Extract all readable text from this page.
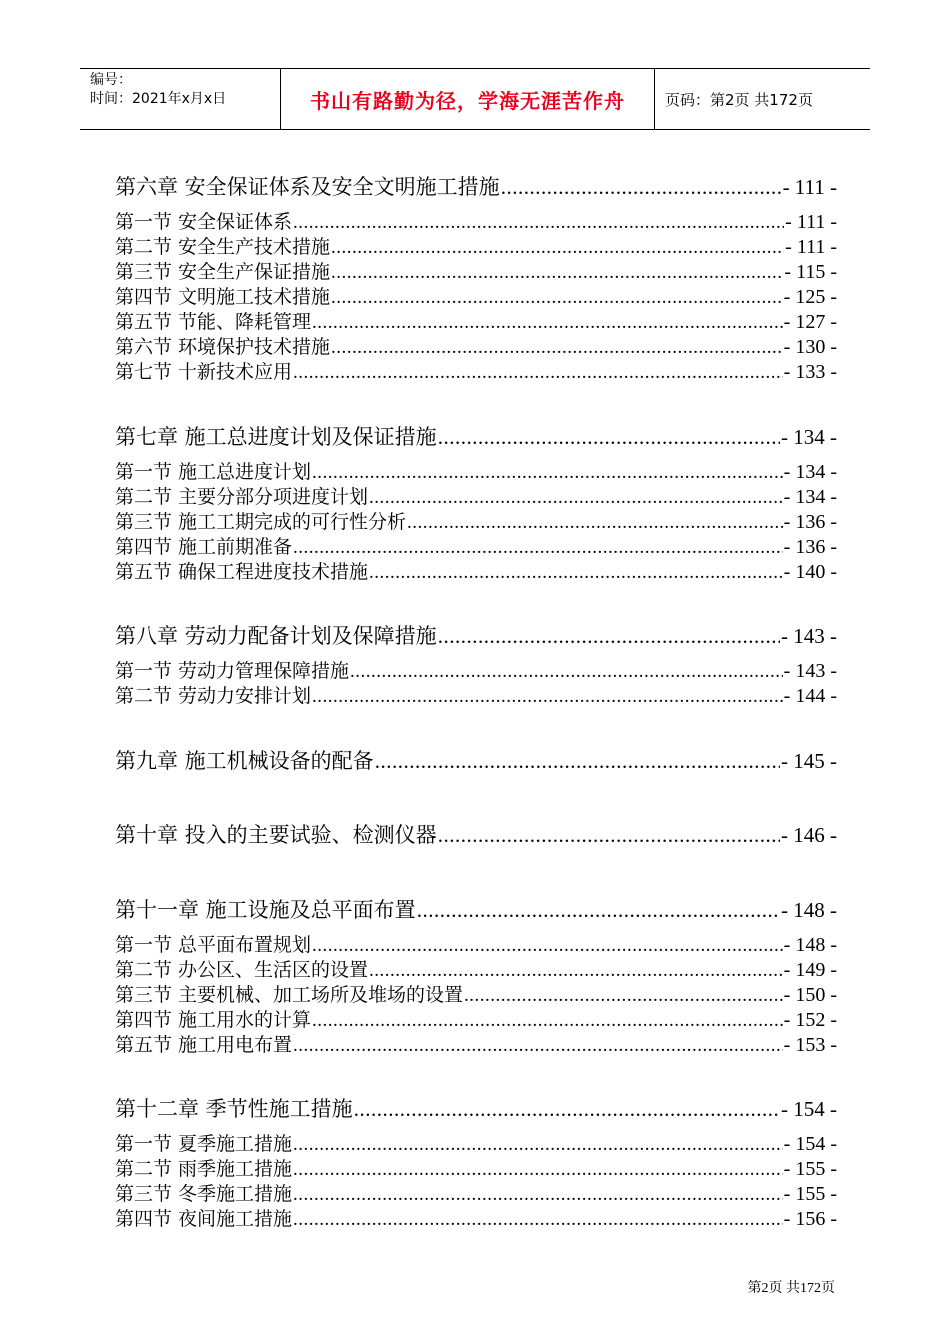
编号：
时间：2021年x月x日	书山有路勤为径，学海无涯苦作舟	页码：第2页 共172页
第六章 安全保证体系及安全文明施工措施 .....	- 111 -
第一节 安全保证体系 .....	- 111 -
第二节 安全生产技术措施 .....	- 111 -
第三节 安全生产保证措施 .....	- 115 -
第四节 文明施工技术措施 .....	- 125 -
第五节 节能、降耗管理 .....	- 127 -
第六节 环境保护技术措施 .....	- 130 -
第七节 十新技术应用 .....	- 133 -
第七章 施工总进度计划及保证措施 .....	- 134 -
第一节 施工总进度计划 .....	- 134 -
第二节 主要分部分项进度计划 .....	- 134 -
第三节 施工工期完成的可行性分析 .....	- 136 -
第四节 施工前期准备 .....	- 136 -
第五节 确保工程进度技术措施 .....	- 140 -
第八章 劳动力配备计划及保障措施 .....	- 143 -
第一节 劳动力管理保障措施 .....	- 143 -
第二节 劳动力安排计划 .....	- 144 -
第九章 施工机械设备的配备 .....	- 145 -
第十章 投入的主要试验、检测仪器 .....	- 146 -
第十一章 施工设施及总平面布置 .....	- 148 -
第一节 总平面布置规划 .....	- 148 -
第二节 办公区、生活区的设置 .....	- 149 -
第三节 主要机械、加工场所及堆场的设置 .....	- 150 -
第四节 施工用水的计算 .....	- 152 -
第五节 施工用电布置 .....	- 153 -
第十二章 季节性施工措施 .....	- 154 -
第一节 夏季施工措施 .....	- 154 -
第二节 雨季施工措施 .....	- 155 -
第三节 冬季施工措施 .....	- 155 -
第四节 夜间施工措施 .....	- 156 -
第2页 共172页
